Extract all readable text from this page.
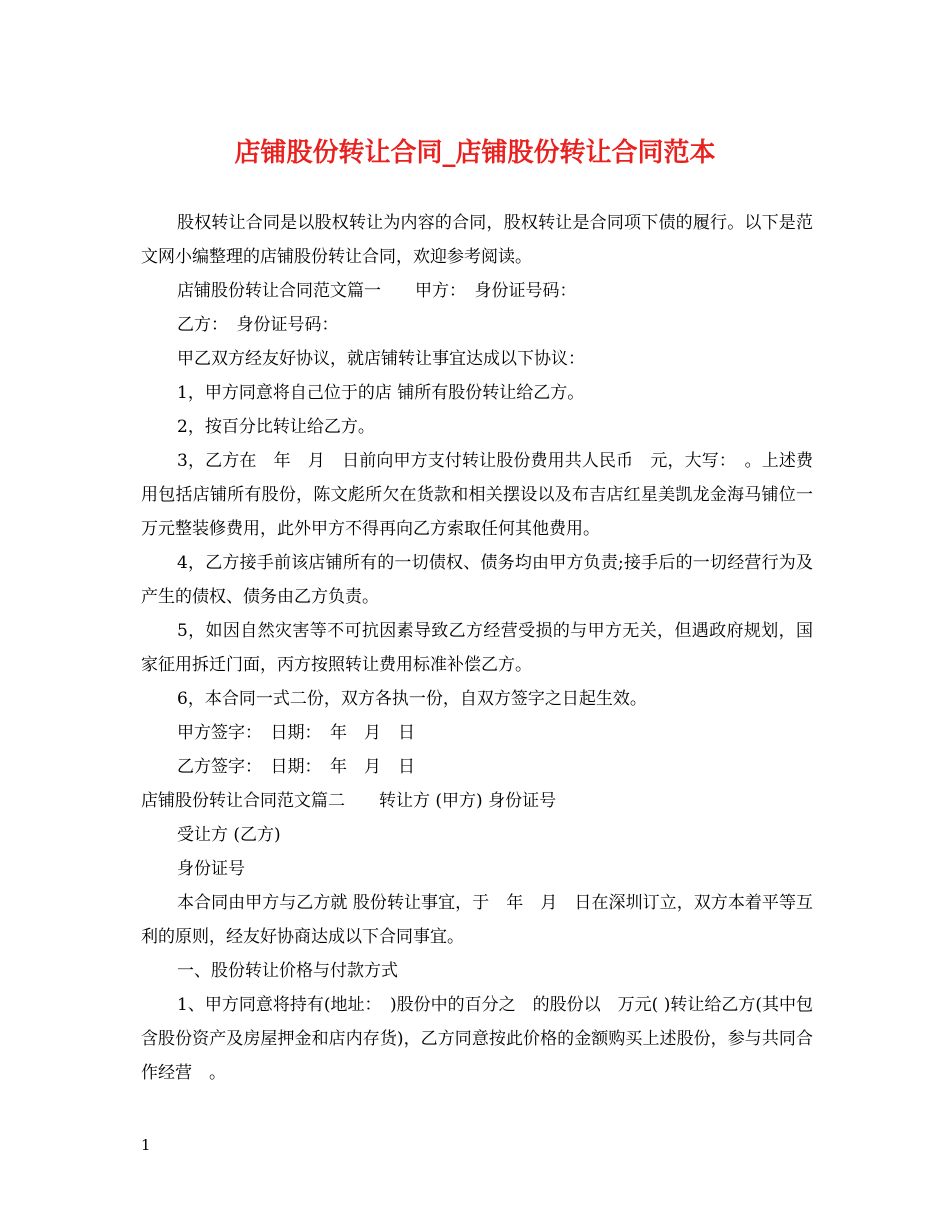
店铺股份转让合同_店铺股份转让合同范本

股权转让合同是以股权转让为内容的合同，股权转让是合同项下债的履行。以下是范文网小编整理的店铺股份转让合同，欢迎参考阅读。

店铺股份转让合同范文篇一　　甲方：　身份证号码：

乙方：　身份证号码：

甲乙双方经友好协议，就店铺转让事宜达成以下协议：

1，甲方同意将自己位于的店 铺所有股份转让给乙方。

2，按百分比转让给乙方。

3，乙方在　年　月　日前向甲方支付转让股份费用共人民币　元，大写：　。上述费用包括店铺所有股份，陈文彪所欠在货款和相关摆设以及布吉店红星美凯龙金海马铺位一万元整装修费用，此外甲方不得再向乙方索取任何其他费用。

4，乙方接手前该店铺所有的一切债权、债务均由甲方负责;接手后的一切经营行为及产生的债权、债务由乙方负责。

5，如因自然灾害等不可抗因素导致乙方经营受损的与甲方无关，但遇政府规划，国家征用拆迁门面，丙方按照转让费用标准补偿乙方。

6，本合同一式二份，双方各执一份，自双方签字之日起生效。

甲方签字：　日期：　年　月　日

乙方签字：　日期：　年　月　日

店铺股份转让合同范文篇二　　转让方 (甲方) 身份证号

受让方 (乙方)

身份证号

本合同由甲方与乙方就 股份转让事宜，于　年　月　日在深圳订立，双方本着平等互利的原则，经友好协商达成以下合同事宜。

一、股份转让价格与付款方式

1、甲方同意将持有(地址：　)股份中的百分之　的股份以　万元( )转让给乙方(其中包含股份资产及房屋押金和店内存货)，乙方同意按此价格的金额购买上述股份，参与共同合作经营　。

1
